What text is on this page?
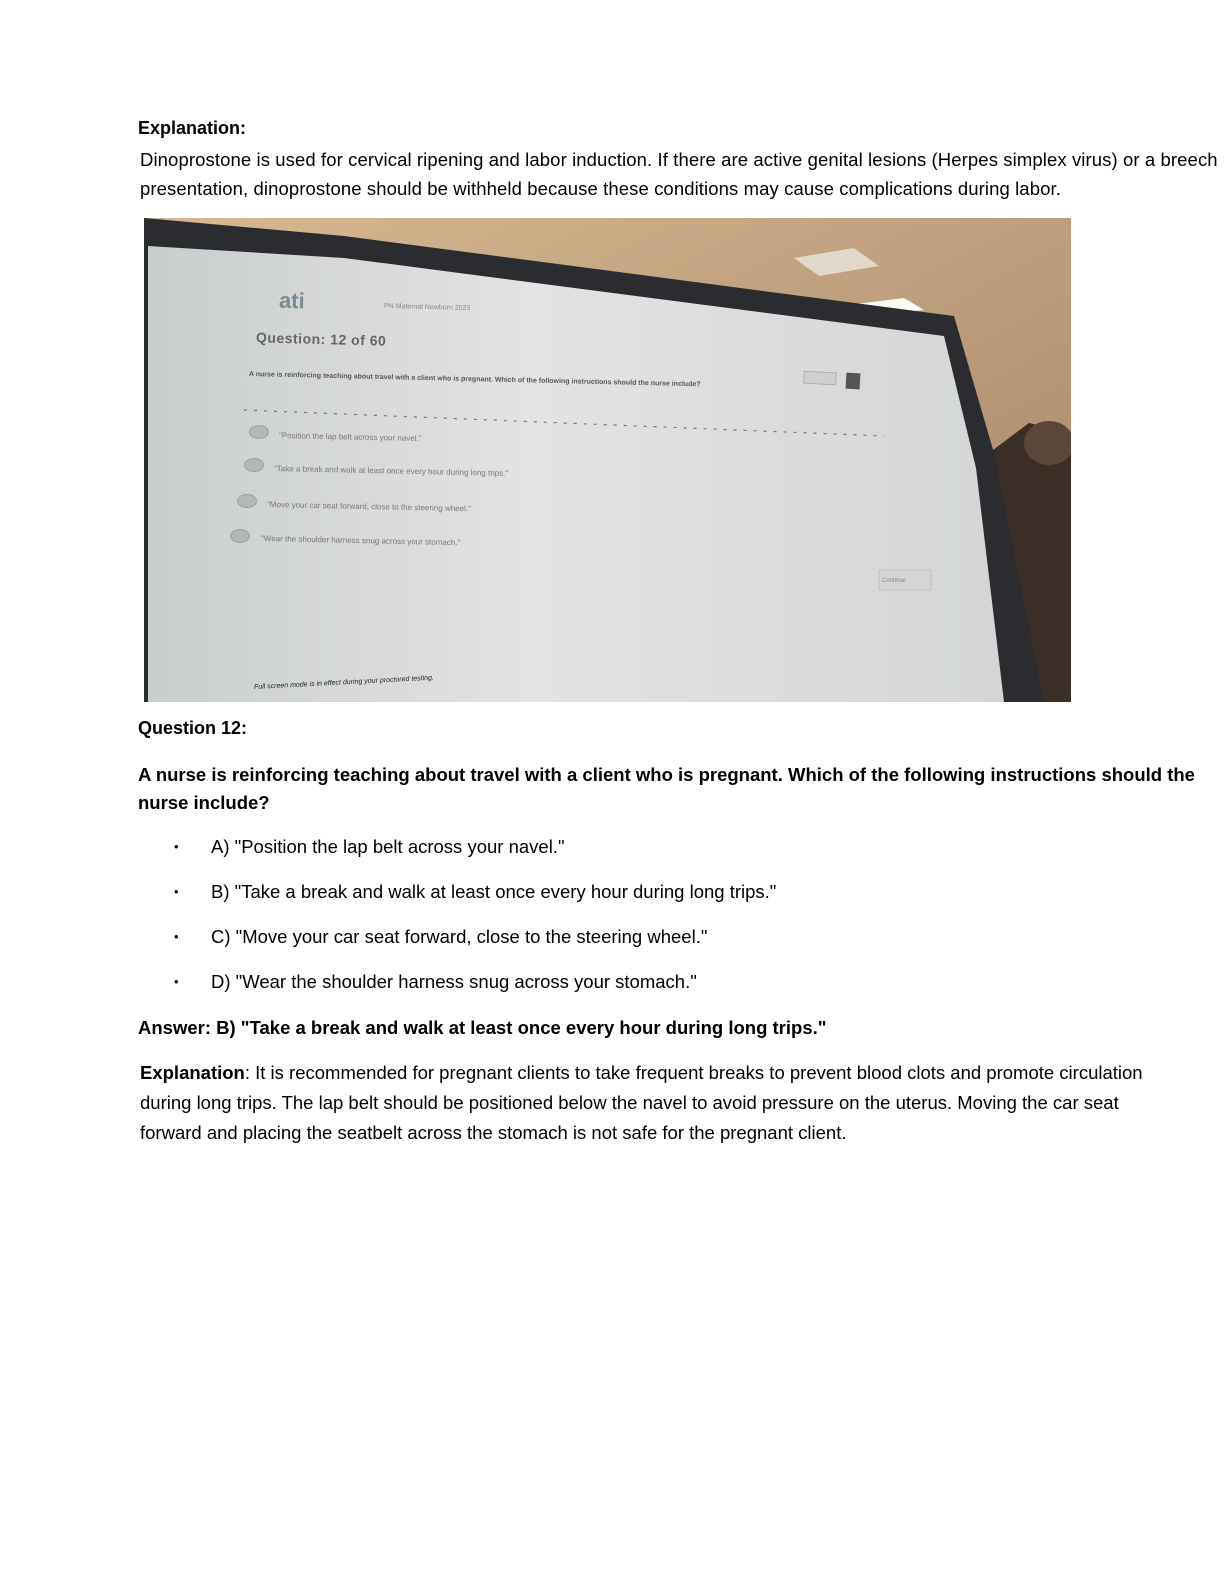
Explanation:
Dinoprostone is used for cervical ripening and labor induction. If there are active genital lesions (Herpes simplex virus) or a breech presentation, dinoprostone should be withheld because these conditions may cause complications during labor.
ati	PN Maternal Newborn 2023
Question: 12 of 60
A nurse is reinforcing teaching about travel with a client who is pregnant. Which of the following instructions should the nurse include?
"Position the lap belt across your navel."
"Take a break and walk at least once every hour during long trips."
"Move your car seat forward, close to the steering wheel."
"Wear the shoulder harness snug across your stomach."
Continue
Full screen mode is in effect during your proctored testing.
Question 12:
A nurse is reinforcing teaching about travel with a client who is pregnant. Which of the following instructions should the nurse include?
• A) "Position the lap belt across your navel."
• B) "Take a break and walk at least once every hour during long trips."
• C) "Move your car seat forward, close to the steering wheel."
• D) "Wear the shoulder harness snug across your stomach."
Answer: B) "Take a break and walk at least once every hour during long trips."
Explanation: It is recommended for pregnant clients to take frequent breaks to prevent blood clots and promote circulation during long trips. The lap belt should be positioned below the navel to avoid pressure on the uterus. Moving the car seat forward and placing the seatbelt across the stomach is not safe for the pregnant client.
